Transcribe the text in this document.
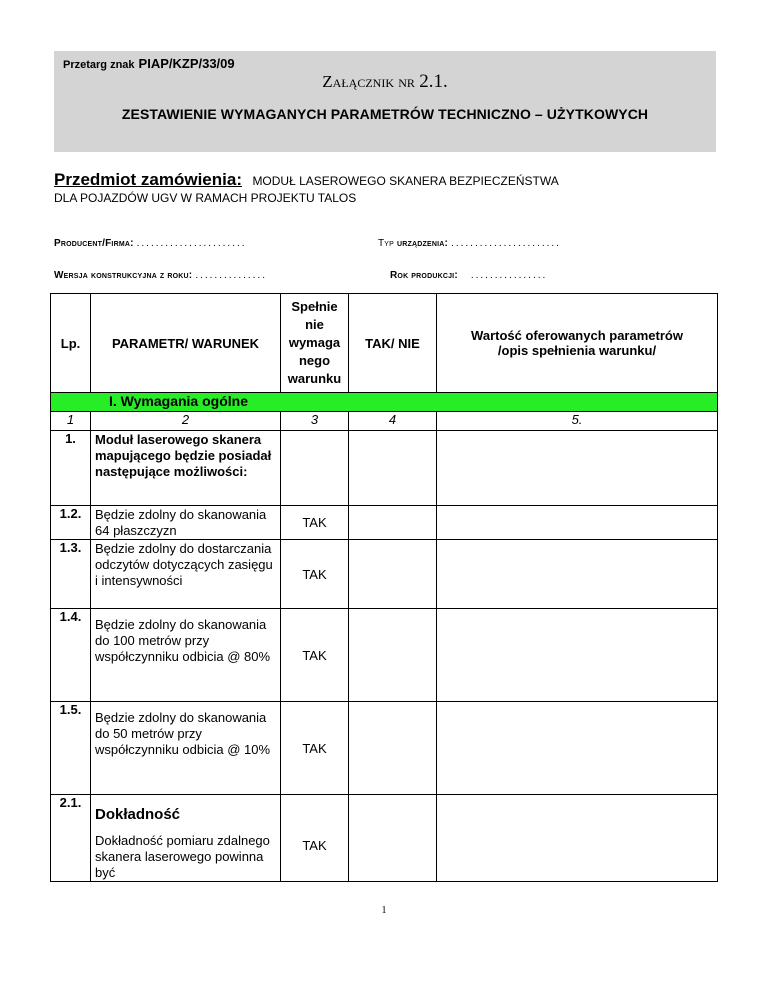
Przetarg znak PIAP/KZP/33/09
Załącznik nr 2.1.
ZESTAWIENIE WYMAGANYCH PARAMETRÓW TECHNICZNO – UŻYTKOWYCH
Przedmiot zamówienia: MODUŁ LASEROWEGO SKANERA BEZPIECZEŃSTWA
DLA POJAZDÓW UGV W RAMACH PROJEKTU TALOS
Producent/Firma: .......................	Typ urządzenia: .......................
Wersja konstrukcyjna z roku: ...............	Rok produkcji: ................
Lp.	PARAMETR/ WARUNEK	Spełnie
nie
wymaga
nego
warunku	TAK/ NIE	Wartość oferowanych parametrów /opis spełnienia warunku/
I. Wymagania ogólne				
1	2	3	4	5.
1.	Moduł laserowego skanera mapującego będzie posiadał następujące możliwości:			
1.2.	Będzie zdolny do skanowania 64 płaszczyzn	TAK		
1.3.	Będzie zdolny do dostarczania odczytów dotyczących zasięgu i intensywności	TAK		
1.4.	Będzie zdolny do skanowania do 100 metrów przy współczynniku odbicia @ 80%	TAK		
1.5.	Będzie zdolny do skanowania do 50 metrów przy współczynniku odbicia @ 10%	TAK		
2.1.	Dokładność
Dokładność pomiaru zdalnego skanera laserowego powinna być	TAK		
1
